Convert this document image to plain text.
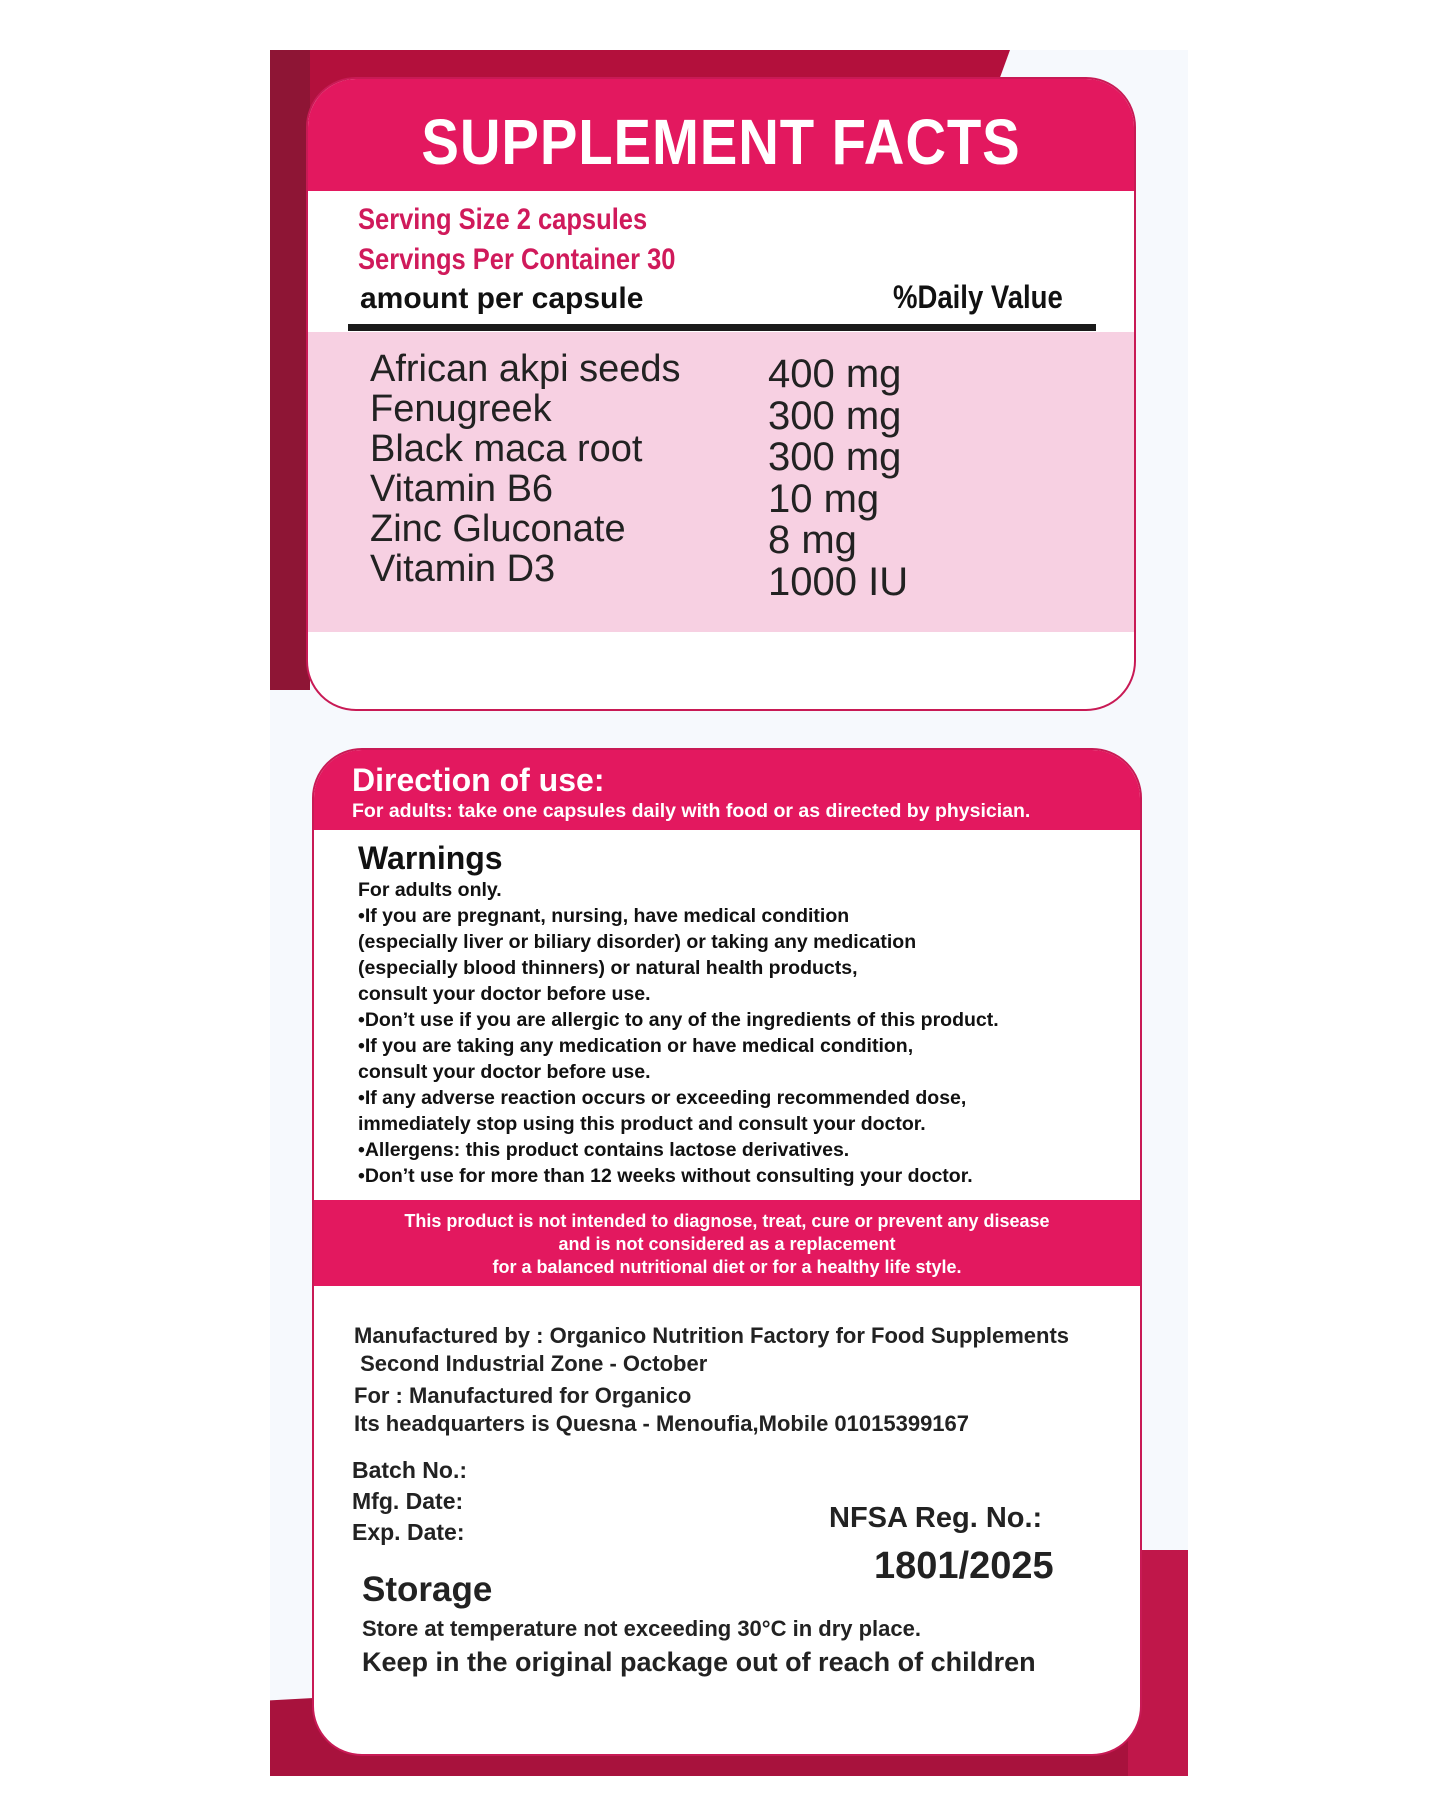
SUPPLEMENT FACTS
Serving Size 2 capsules
Servings Per Container 30
amount per capsule	%Daily Value
African akpi seeds
Fenugreek
Black maca root
Vitamin B6
Zinc Gluconate
Vitamin D3
400 mg
300 mg
300 mg
10 mg
8 mg
1000 IU
Direction of use:
For adults: take one capsules daily with food or as directed by physician.
Warnings
For adults only.
•If you are pregnant, nursing, have medical condition
(especially liver or biliary disorder) or taking any medication
(especially blood thinners) or natural health products,
consult your doctor before use.
•Don’t use if you are allergic to any of the ingredients of this product.
•If you are taking any medication or have medical condition,
consult your doctor before use.
•If any adverse reaction occurs or exceeding recommended dose,
immediately stop using this product and consult your doctor.
•Allergens: this product contains lactose derivatives.
•Don’t use for more than 12 weeks without consulting your doctor.
This product is not intended to diagnose, treat, cure or prevent any disease
and is not considered as a replacement
for a balanced nutritional diet or for a healthy life style.
Manufactured by : Organico Nutrition Factory for Food Supplements
Second Industrial Zone - October
For : Manufactured for Organico
Its headquarters is Quesna - Menoufia,Mobile 01015399167
Batch No.:
Mfg. Date:
Exp. Date:	NFSA Reg. No.:
1801/2025
Storage
Store at temperature not exceeding 30°C in dry place.
Keep in the original package out of reach of children
